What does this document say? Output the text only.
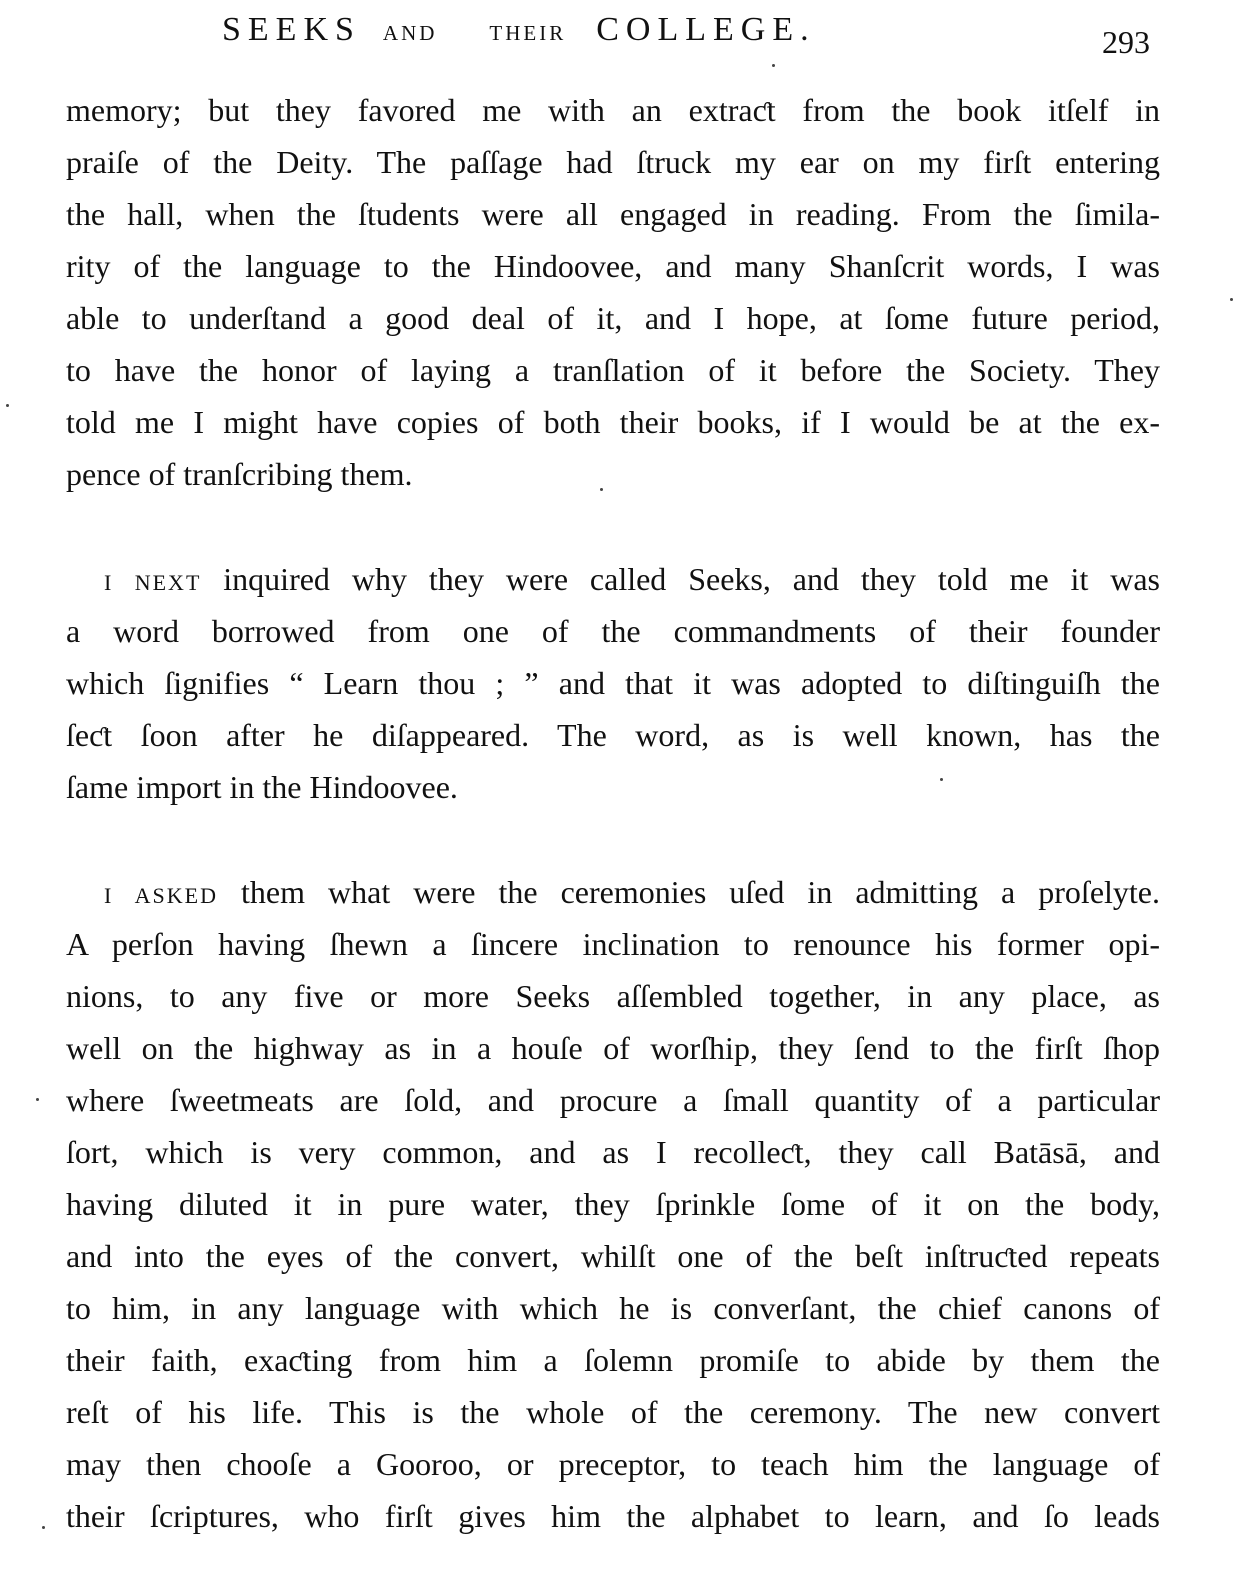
SEEKS AND THEIR COLLEGE.	293
memory; but they favored me with an extraƈt from the book itſelf in
praiſe of the Deity. The paſſage had ſtruck my ear on my firſt entering
the hall, when the ſtudents were all engaged in reading. From the ſimila-
rity of the language to the Hindoovee, and many Shanſcrit words, I was
able to underſtand a good deal of it, and I hope, at ſome future period,
to have the honor of laying a tranſlation of it before the Society. They
told me I might have copies of both their books, if I would be at the ex-
pence of tranſcribing them.
I NEXT inquired why they were called Seeks, and they told me it was
a word borrowed from one of the commandments of their founder
which ſignifies “ Learn thou ; ” and that it was adopted to diſtinguiſh the
ſeƈt ſoon after he diſappeared. The word, as is well known, has the
ſame import in the Hindoovee.
I ASKED them what were the ceremonies uſed in admitting a proſelyte.
A perſon having ſhewn a ſincere inclination to renounce his former opi-
nions, to any five or more Seeks aſſembled together, in any place, as
well on the highway as in a houſe of worſhip, they ſend to the firſt ſhop
where ſweetmeats are ſold, and procure a ſmall quantity of a particular
ſort, which is very common, and as I recolleƈt, they call Batāsā, and
having diluted it in pure water, they ſprinkle ſome of it on the body,
and into the eyes of the convert, whilſt one of the beſt inſtruƈted repeats
to him, in any language with which he is converſant, the chief canons of
their faith, exaƈting from him a ſolemn promiſe to abide by them the
reſt of his life. This is the whole of the ceremony. The new convert
may then chooſe a Gooroo, or preceptor, to teach him the language of
their ſcriptures, who firſt gives him the alphabet to learn, and ſo leads
